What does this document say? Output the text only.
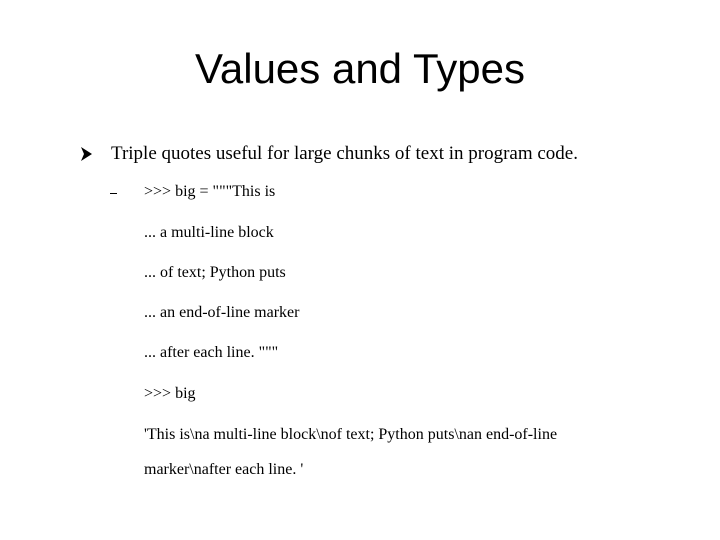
Values and Types

Triple quotes useful for large chunks of text in program code.

>>> big = """This is

... a multi-line block

... of text; Python puts

... an end-of-line marker

... after each line. """

>>> big

'This is\na multi-line block\nof text; Python puts\nan end-of-line

marker\nafter each line. '
